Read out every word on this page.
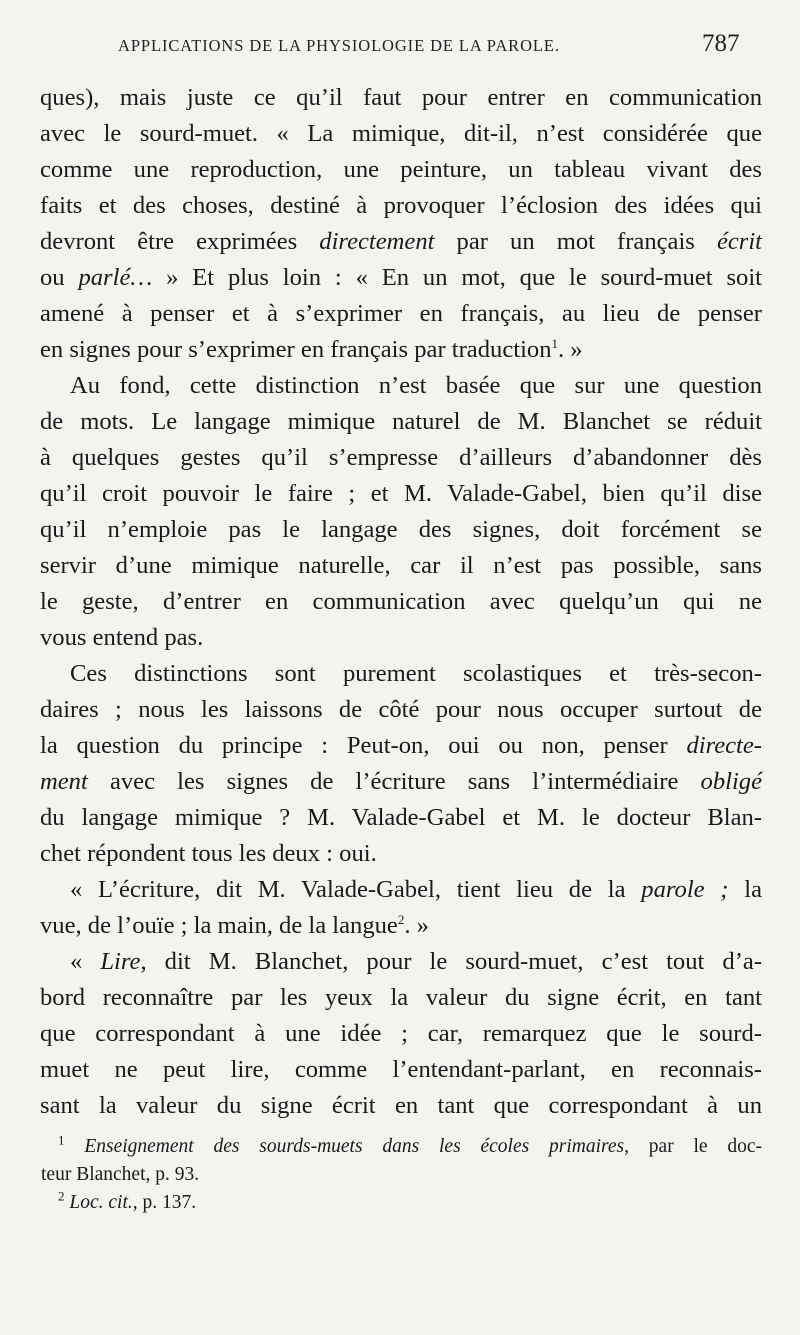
APPLICATIONS DE LA PHYSIOLOGIE DE LA PAROLE.	787
ques), mais juste ce qu’il faut pour entrer en communication
avec le sourd-muet. « La mimique, dit-il, n’est considérée que
comme une reproduction, une peinture, un tableau vivant des
faits et des choses, destiné à provoquer l’éclosion des idées qui
devront être exprimées directement par un mot français écrit
ou parlé… » Et plus loin : « En un mot, que le sourd-muet soit
amené à penser et à s’exprimer en français, au lieu de penser
en signes pour s’exprimer en français par traduction$^1$. »
Au fond, cette distinction n’est basée que sur une question
de mots. Le langage mimique naturel de M. Blanchet se réduit
à quelques gestes qu’il s’empresse d’ailleurs d’abandonner dès
qu’il croit pouvoir le faire ; et M. Valade-Gabel, bien qu’il dise
qu’il n’emploie pas le langage des signes, doit forcément se
servir d’une mimique naturelle, car il n’est pas possible, sans
le geste, d’entrer en communication avec quelqu’un qui ne
vous entend pas.
Ces distinctions sont purement scolastiques et très-secon-
daires ; nous les laissons de côté pour nous occuper surtout de
la question du principe : Peut-on, oui ou non, penser directe-
ment avec les signes de l’écriture sans l’intermédiaire obligé
du langage mimique ? M. Valade-Gabel et M. le docteur Blan-
chet répondent tous les deux : oui.
« L’écriture, dit M. Valade-Gabel, tient lieu de la parole ; la
vue, de l’ouïe ; la main, de la langue$^2$. »
« Lire, dit M. Blanchet, pour le sourd-muet, c’est tout d’a-
bord reconnaître par les yeux la valeur du signe écrit, en tant
que correspondant à une idée ; car, remarquez que le sourd-
muet ne peut lire, comme l’entendant-parlant, en reconnais-
sant la valeur du signe écrit en tant que correspondant à un
$^1$ Enseignement des sourds-muets dans les écoles primaires, par le doc-
teur Blanchet, p. 93.
$^2$ Loc. cit., p. 137.
